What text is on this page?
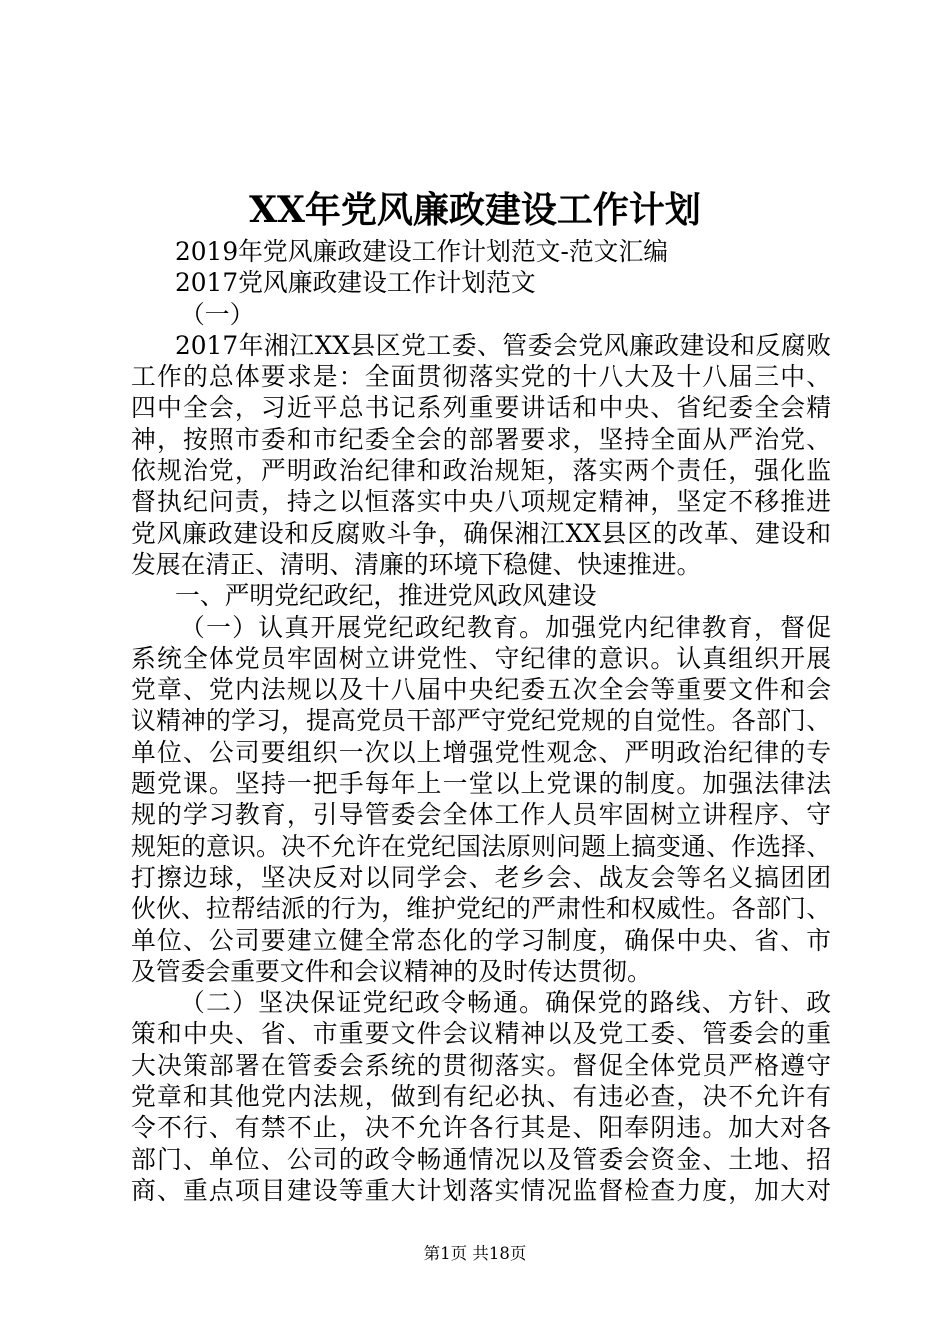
XX年党风廉政建设工作计划
2019年党风廉政建设工作计划范文-范文汇编
2017党风廉政建设工作计划范文
（一）
2017年湘江XX县区党工委、管委会党风廉政建设和反腐败
工作的总体要求是：全面贯彻落实党的十八大及十八届三中、
四中全会，习近平总书记系列重要讲话和中央、省纪委全会精
神，按照市委和市纪委全会的部署要求，坚持全面从严治党、
依规治党，严明政治纪律和政治规矩，落实两个责任，强化监
督执纪问责，持之以恒落实中央八项规定精神，坚定不移推进
党风廉政建设和反腐败斗争，确保湘江XX县区的改革、建设和
发展在清正、清明、清廉的环境下稳健、快速推进。
一、严明党纪政纪，推进党风政风建设
（一）认真开展党纪政纪教育。加强党内纪律教育，督促
系统全体党员牢固树立讲党性、守纪律的意识。认真组织开展
党章、党内法规以及十八届中央纪委五次全会等重要文件和会
议精神的学习，提高党员干部严守党纪党规的自觉性。各部门、
单位、公司要组织一次以上增强党性观念、严明政治纪律的专
题党课。坚持一把手每年上一堂以上党课的制度。加强法律法
规的学习教育，引导管委会全体工作人员牢固树立讲程序、守
规矩的意识。决不允许在党纪国法原则问题上搞变通、作选择、
打擦边球，坚决反对以同学会、老乡会、战友会等名义搞团团
伙伙、拉帮结派的行为，维护党纪的严肃性和权威性。各部门、
单位、公司要建立健全常态化的学习制度，确保中央、省、市
及管委会重要文件和会议精神的及时传达贯彻。
（二）坚决保证党纪政令畅通。确保党的路线、方针、政
策和中央、省、市重要文件会议精神以及党工委、管委会的重
大决策部署在管委会系统的贯彻落实。督促全体党员严格遵守
党章和其他党内法规，做到有纪必执、有违必查，决不允许有
令不行、有禁不止，决不允许各行其是、阳奉阴违。加大对各
部门、单位、公司的政令畅通情况以及管委会资金、土地、招
商、重点项目建设等重大计划落实情况监督检查力度，加大对
第1页 共18页
